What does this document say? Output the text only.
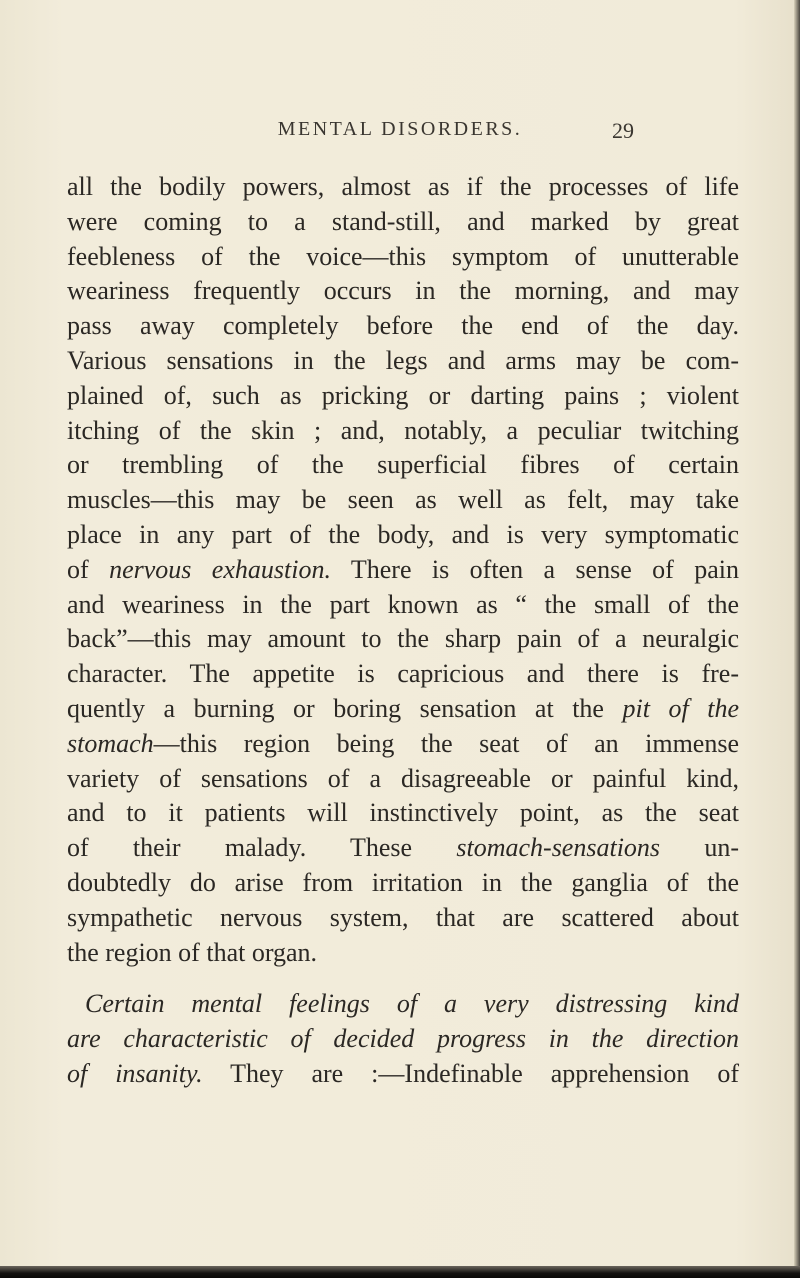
MENTAL DISORDERS.	29

all the bodily powers, almost as if the processes of life
were coming to a stand-still, and marked by great
feebleness of the voice—this symptom of unutterable
weariness frequently occurs in the morning, and may
pass away completely before the end of the day.
Various sensations in the legs and arms may be com-
plained of, such as pricking or darting pains ; violent
itching of the skin ; and, notably, a peculiar twitching
or trembling of the superficial fibres of certain
muscles—this may be seen as well as felt, may take
place in any part of the body, and is very symptomatic
of nervous exhaustion. There is often a sense of pain
and weariness in the part known as “ the small of the
back”—this may amount to the sharp pain of a neuralgic
character. The appetite is capricious and there is fre-
quently a burning or boring sensation at the pit of the
stomach—this region being the seat of an immense
variety of sensations of a disagreeable or painful kind,
and to it patients will instinctively point, as the seat
of their malady. These stomach-sensations un-
doubtedly do arise from irritation in the ganglia of the
sympathetic nervous system, that are scattered about
the region of that organ.

Certain mental feelings of a very distressing kind
are characteristic of decided progress in the direction
of insanity. They are :—Indefinable apprehension of
